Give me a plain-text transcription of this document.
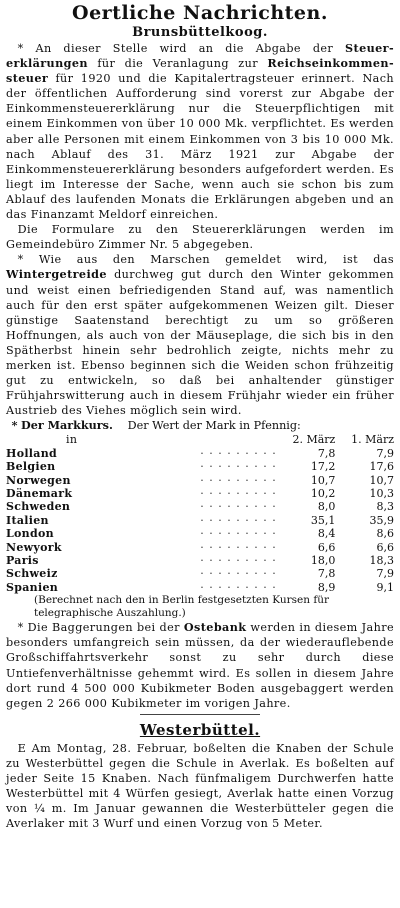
Oertliche Nachrichten.
Brunsbüttelkoog.

 * An dieser Stelle wird an die Abgabe der Steuer- erklärungen für die Veranlagung zur Reichseinkommen- steuer für 1920 und die Kapitalertragsteuer erinnert. Nach der öffentlichen Aufforderung sind vorerst zur Abgabe der Einkommensteuererklärung nur die Steuerpflichtigen mit einem Einkommen von über 10 000 Mk. verpflichtet. Es werden aber alle Personen mit einem Einkommen von 3 bis 10 000 Mk. nach Ablauf des 31. März 1921 zur Abgabe der Einkommensteuererklärung besonders aufgefordert werden. Es liegt im Interesse der Sache, wenn auch sie schon bis zum Ablauf des laufenden Monats die Erklärungen abgeben und an das Finanzamt Meldorf einreichen.

 Die Formulare zu den Steuererklärungen werden im Gemeindebüro Zimmer Nr. 5 abgegeben.

 * Wie aus den Marschen gemeldet wird, ist das Wintergetreide durchweg gut durch den Winter gekommen und weist einen befriedigenden Stand auf, was namentlich auch für den erst später aufgekommenen Weizen gilt. Dieser günstige Saatenstand berechtigt zu um so größeren Hoffnungen, als auch von der Mäuseplage, die sich bis in den Spätherbst hinein sehr bedrohlich zeigte, nichts mehr zu merken ist. Ebenso beginnen sich die Weiden schon frühzeitig gut zu entwickeln, so daß bei anhaltender günstiger Frühjahrswitterung auch in diesem Frühjahr wieder ein früher Austrieb des Viehes möglich sein wird.

 * Der Markkurs.   Der Wert der Mark in Pfennig:
in		2. März	1. März
Holland	· · · · · · · · ·	7,8	7,9
Belgien	· · · · · · · · ·	17,2	17,6
Norwegen	· · · · · · · · ·	10,7	10,7
Dänemark	· · · · · · · · ·	10,2	10,3
Schweden	· · · · · · · · ·	8,0	8,3
Italien	· · · · · · · · ·	35,1	35,9
London	· · · · · · · · ·	8,4	8,6
Newyork	· · · · · · · · ·	6,6	6,6
Paris	· · · · · · · · ·	18,0	18,3
Schweiz	· · · · · · · · ·	7,8	7,9
Spanien	· · · · · · · · ·	8,9	9,1
(Berechnet nach den in Berlin festgesetzten Kursen für telegraphische Auszahlung.)

 * Die Baggerungen bei der Ostebank werden in diesem Jahre besonders umfangreich sein müssen, da der wiederauflebende Großschiffahrtsverkehr sonst zu sehr durch diese Untiefenverhältnisse gehemmt wird. Es sollen in diesem Jahre dort rund 4 500 000 Kubikmeter Boden ausgebaggert werden gegen 2 266 000 Kubikmeter im vorigen Jahre.

Westerbüttel.

 E Am Montag, 28. Februar, boßelten die Knaben der Schule zu Westerbüttel gegen die Schule in Averlak. Es boßelten auf jeder Seite 15 Knaben. Nach fünfmaligem Durchwerfen hatte Westerbüttel mit 4 Würfen gesiegt, Averlak hatte einen Vorzug von ¼ m. Im Januar gewannen die Westerbütteler gegen die Averlaker mit 3 Wurf und einen Vorzug von 5 Meter.
